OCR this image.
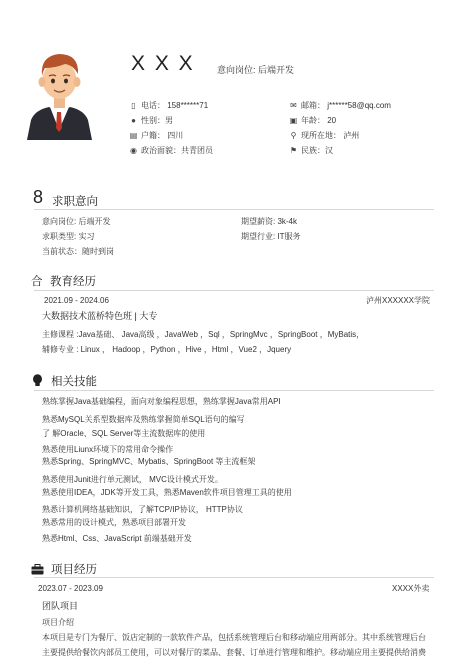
X X X 意向岗位: 后端开发
▯ 电话： 158******71	✉ 邮箱： j******58@qq.com
● 性别：男	▣ 年龄： 20
▤ 户籍： 四川	⚲ 现所在地： 泸州
◉ 政治面貌：共青团员	⚑ 民族：汉
8 求职意向
意向岗位: 后端开发	期望薪资: 3k-4k
求职类型: 实习	期望行业: IT服务
当前状态：随时到岗
合 教育经历
2021.09 - 2024.06	泸州XXXXXX学院
大数据技术蓝桥特色班 | 大专
主修课程 :Java基础、 Java高级 ，JavaWeb ，Sql ，SpringMvc ，SpringBoot ，MyBatis，
辅修专业 : Linux ， Hadoop ，Python ，Hive ，Html ，Vue2 ，Jquery
相关技能
熟练掌握Java基础编程，面向对象编程思想，熟练掌握Java常用API
熟悉MySQL关系型数据库及熟练掌握简单SQL语句的编写
了 解Oracle、SQL Server等主流数据库的使用
熟悉使用Liunx环境下的常用命令操作
熟悉Spring、SpringMVC、Mybatis、SpringBoot 等主流框架
熟悉使用Junit进行单元测试， MVC设计模式开发。
熟悉使用IDEA，JDK等开发工具，熟悉Maven软件项目管理工具的使用
熟悉计算机网络基础知识，了解TCP/IP协议， HTTP协议
熟悉常用的设计模式，熟悉项目部署开发
熟悉Html、Css、JavaScript 前端基础开发
项目经历
2023.07 - 2023.09	XXXX外卖
团队项目
项目介绍
本项目是专门为餐厅、饭店定制的一款软件产品，包括系统管理后台和移动端应用两部分。其中系统管理后台
主要提供给餐饮内部员工使用，可以对餐厅的菜品、套餐、订单进行管理和维护。移动端应用主要提供给消费
